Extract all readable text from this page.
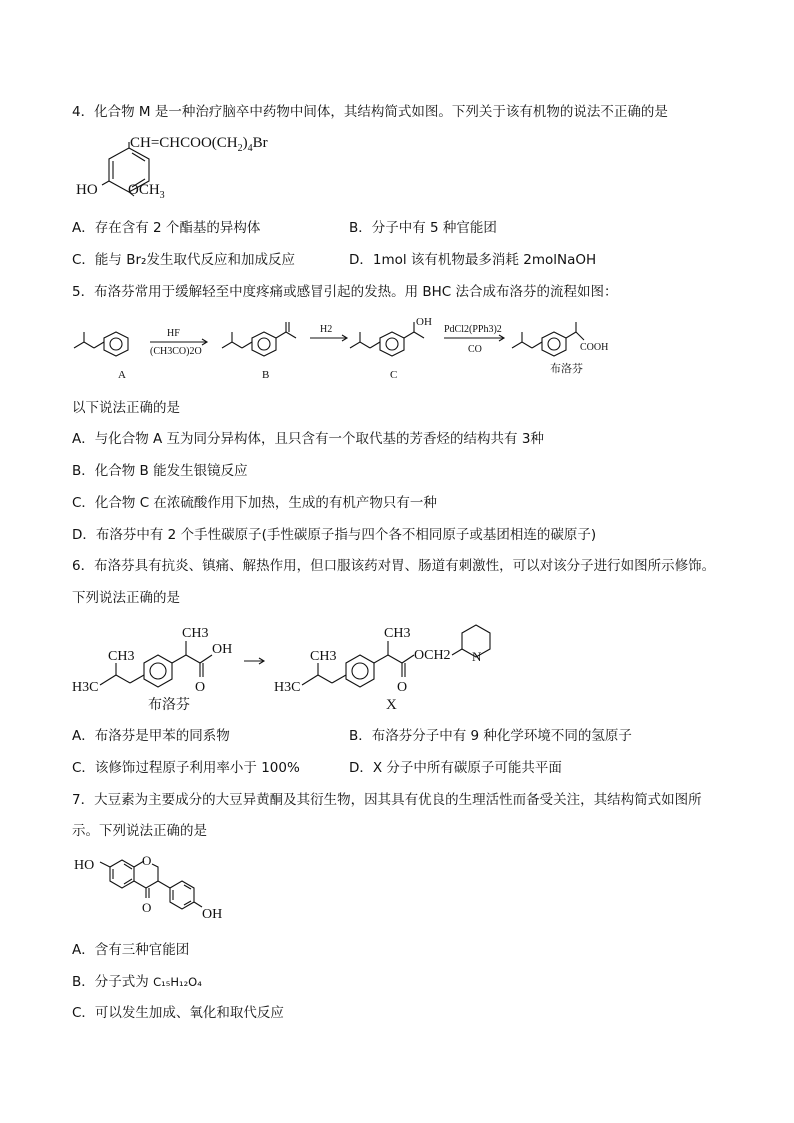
4．化合物 M 是一种治疗脑卒中药物中间体，其结构简式如图。下列关于该有机物的说法不正确的是
$CH=CHCOO(CH_2)_4Br$
HO $OCH_3$
A．存在含有 2 个酯基的异构体	B．分子中有 5 种官能团
C．能与 Br₂发生取代反应和加成反应	D．1mol 该有机物最多消耗 2molNaOH
5．布洛芬常用于缓解轻至中度疼痛或感冒引起的发热。用 BHC 法合成布洛芬的流程如图：
A
HF
(CH3CO)2O
B
H2
OH
C
PdCl2(PPh3)2
CO	COOH
布洛芬
以下说法正确的是
A．与化合物 A 互为同分异构体，且只含有一个取代基的芳香烃的结构共有 3种
B．化合物 B 能发生银镜反应
C．化合物 C 在浓硫酸作用下加热，生成的有机产物只有一种
D．布洛芬中有 2 个手性碳原子(手性碳原子指与四个各不相同原子或基团相连的碳原子)
6．布洛芬具有抗炎、镇痛、解热作用，但口服该药对胃、肠道有刺激性，可以对该分子进行如图所示修饰。
下列说法正确的是
CH3
H3C
CH3
OH
O
布洛芬
CH3
H3C
CH3
OCH2
O
N
X
A．布洛芬是甲苯的同系物	B．布洛芬分子中有 9 种化学环境不同的氢原子
C．该修饰过程原子利用率小于 100%	D．X 分子中所有碳原子可能共平面
7．大豆素为主要成分的大豆异黄酮及其衍生物，因其具有优良的生理活性而备受关注，其结构简式如图所
示。下列说法正确的是
HO	O
O	OH
A．含有三种官能团
B．分子式为 C₁₅H₁₂O₄
C．可以发生加成、氧化和取代反应
